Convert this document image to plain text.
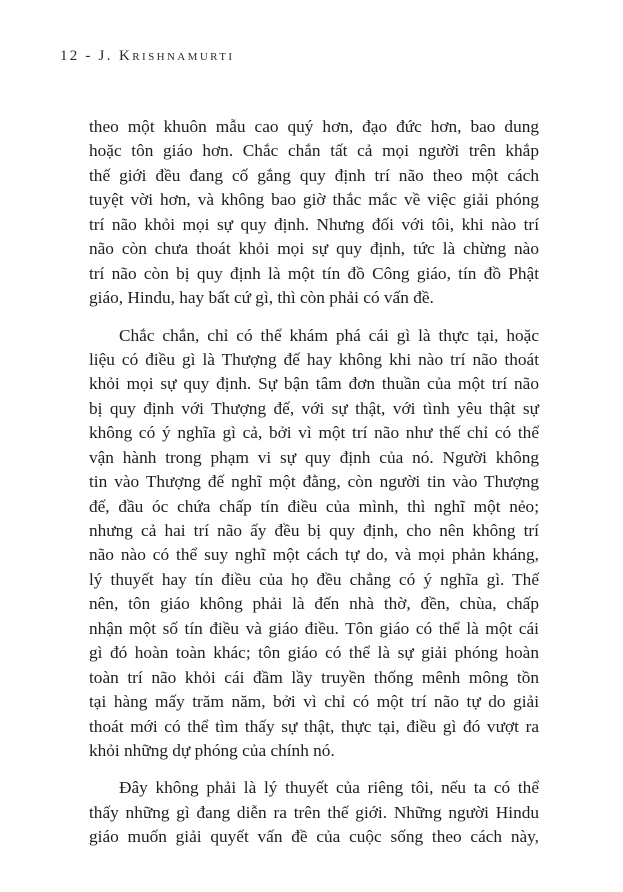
12 - J. Krishnamurti
theo một khuôn mẫu cao quý hơn, đạo đức hơn, bao dung
hoặc tôn giáo hơn. Chắc chắn tất cả mọi người trên khắp
thế giới đều đang cố gắng quy định trí não theo một cách
tuyệt vời hơn, và không bao giờ thắc mắc về việc giải phóng
trí não khỏi mọi sự quy định. Nhưng đối với tôi, khi nào trí
não còn chưa thoát khỏi mọi sự quy định, tức là chừng nào
trí não còn bị quy định là một tín đồ Công giáo, tín đồ Phật
giáo, Hindu, hay bất cứ gì, thì còn phải có vấn đề.
Chắc chắn, chỉ có thể khám phá cái gì là thực tại, hoặc
liệu có điều gì là Thượng đế hay không khi nào trí não thoát
khỏi mọi sự quy định. Sự bận tâm đơn thuần của một trí não
bị quy định với Thượng đế, với sự thật, với tình yêu thật sự
không có ý nghĩa gì cả, bởi vì một trí não như thế chỉ có thể
vận hành trong phạm vi sự quy định của nó. Người không
tin vào Thượng đế nghĩ một đằng, còn người tin vào Thượng
đế, đầu óc chứa chấp tín điều của mình, thì nghĩ một nẻo;
nhưng cả hai trí não ấy đều bị quy định, cho nên không trí
não nào có thể suy nghĩ một cách tự do, và mọi phản kháng,
lý thuyết hay tín điều của họ đều chẳng có ý nghĩa gì. Thế
nên, tôn giáo không phải là đến nhà thờ, đền, chùa, chấp
nhận một số tín điều và giáo điều. Tôn giáo có thể là một cái
gì đó hoàn toàn khác; tôn giáo có thể là sự giải phóng hoàn
toàn trí não khỏi cái đầm lầy truyền thống mênh mông tồn
tại hàng mấy trăm năm, bởi vì chỉ có một trí não tự do giải
thoát mới có thể tìm thấy sự thật, thực tại, điều gì đó vượt ra
khỏi những dự phóng của chính nó.
Đây không phải là lý thuyết của riêng tôi, nếu ta có thể
thấy những gì đang diễn ra trên thế giới. Những người Hindu
giáo muốn giải quyết vấn đề của cuộc sống theo cách này,
